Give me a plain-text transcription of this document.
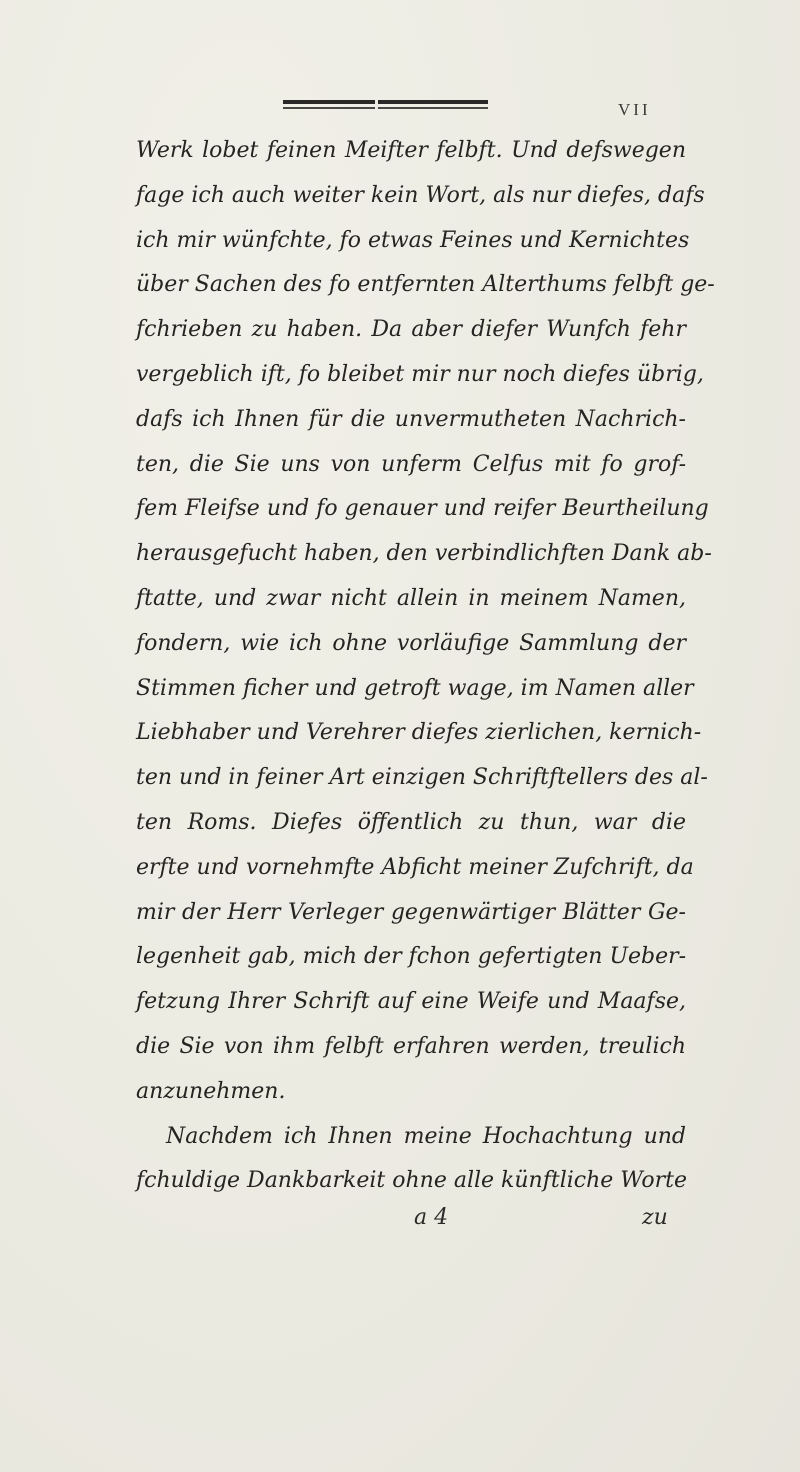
VII
Werk lobet feinen Meifter felbft. Und defswegen
fage ich auch weiter kein Wort, als nur diefes, dafs
ich mir wünfchte, fo etwas Feines und Kernichtes
über Sachen des fo entfernten Alterthums felbft ge-
fchrieben zu haben. Da aber diefer Wunfch fehr
vergeblich ift, fo bleibet mir nur noch diefes übrig,
dafs ich Ihnen für die unvermutheten Nachrich-
ten, die Sie uns von unferm Celfus mit fo grof-
fem Fleifse und fo genauer und reifer Beurtheilung
herausgefucht haben, den verbindlichften Dank ab-
ftatte, und zwar nicht allein in meinem Namen,
fondern, wie ich ohne vorläufige Sammlung der
Stimmen ficher und getroft wage, im Namen aller
Liebhaber und Verehrer diefes zierlichen, kernich-
ten und in feiner Art einzigen Schriftftellers des al-
ten Roms. Diefes öffentlich zu thun, war die
erfte und vornehmfte Abficht meiner Zufchrift, da
mir der Herr Verleger gegenwärtiger Blätter Ge-
legenheit gab, mich der fchon gefertigten Ueber-
fetzung Ihrer Schrift auf eine Weife und Maafse,
die Sie von ihm felbft erfahren werden, treulich
anzunehmen.
Nachdem ich Ihnen meine Hochachtung und
fchuldige Dankbarkeit ohne alle künftliche Worte
a 4	zu
